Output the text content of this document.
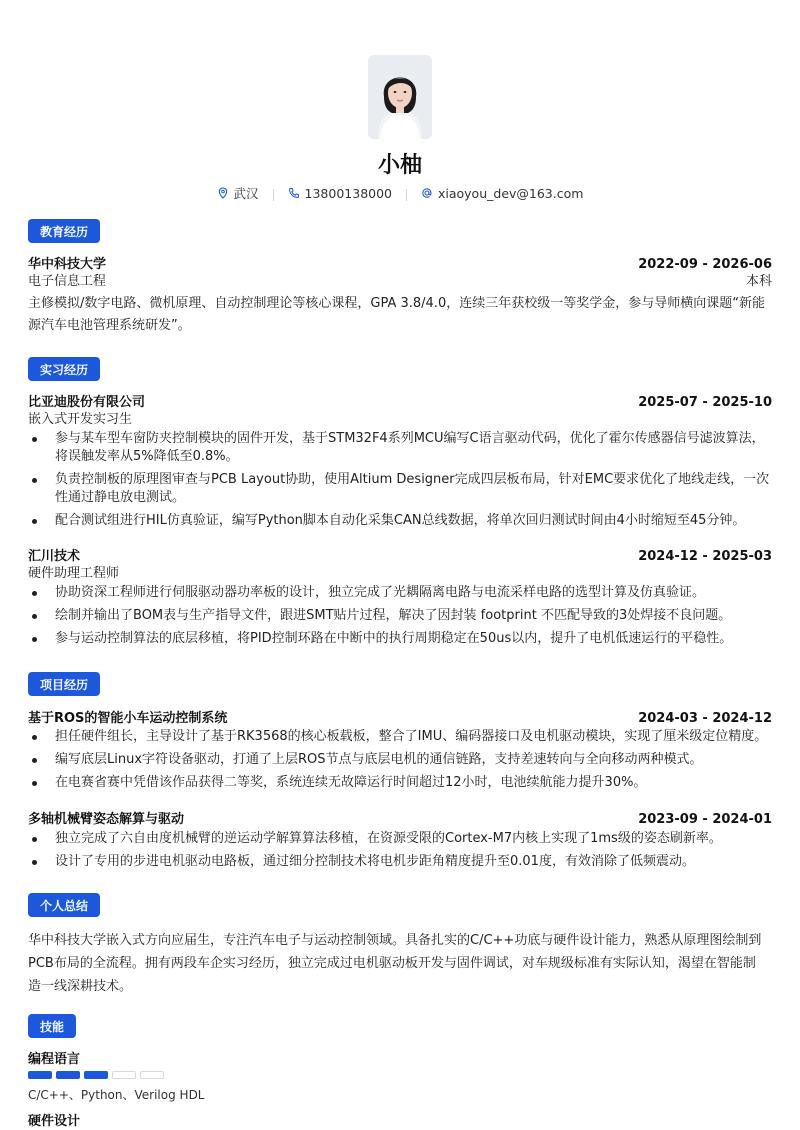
小柚
武汉
	13800138000
	xiaoyou_dev@163.com
教育经历
华中科技大学	2022-09 - 2026-06
电子信息工程	本科
主修模拟/数字电路、微机原理、自动控制理论等核心课程，GPA 3.8/4.0，连续三年获校级一等奖学金，参与导师横向课题“新能
源汽车电池管理系统研发”。
实习经历
比亚迪股份有限公司	2025-07 - 2025-10
嵌入式开发实习生
参与某车型车窗防夹控制模块的固件开发，基于STM32F4系列MCU编写C语言驱动代码，优化了霍尔传感器信号滤波算法，
将误触发率从5%降低至0.8%。
负责控制板的原理图审查与PCB Layout协助，使用Altium Designer完成四层板布局，针对EMC要求优化了地线走线，一次
性通过静电放电测试。
配合测试组进行HIL仿真验证，编写Python脚本自动化采集CAN总线数据，将单次回归测试时间由4小时缩短至45分钟。
汇川技术	2024-12 - 2025-03
硬件助理工程师
协助资深工程师进行伺服驱动器功率板的设计，独立完成了光耦隔离电路与电流采样电路的选型计算及仿真验证。
绘制并输出了BOM表与生产指导文件，跟进SMT贴片过程，解决了因封装 footprint 不匹配导致的3处焊接不良问题。
参与运动控制算法的底层移植，将PID控制环路在中断中的执行周期稳定在50us以内，提升了电机低速运行的平稳性。
项目经历
基于ROS的智能小车运动控制系统	2024-03 - 2024-12
担任硬件组长，主导设计了基于RK3568的核心板载板，整合了IMU、编码器接口及电机驱动模块，实现了厘米级定位精度。
编写底层Linux字符设备驱动，打通了上层ROS节点与底层电机的通信链路，支持差速转向与全向移动两种模式。
在电赛省赛中凭借该作品获得二等奖，系统连续无故障运行时间超过12小时，电池续航能力提升30%。
多轴机械臂姿态解算与驱动	2023-09 - 2024-01
独立完成了六自由度机械臂的逆运动学解算算法移植，在资源受限的Cortex-M7内核上实现了1ms级的姿态刷新率。
设计了专用的步进电机驱动电路板，通过细分控制技术将电机步距角精度提升至0.01度，有效消除了低频震动。
个人总结
华中科技大学嵌入式方向应届生，专注汽车电子与运动控制领域。具备扎实的C/C++功底与硬件设计能力，熟悉从原理图绘制到
PCB布局的全流程。拥有两段车企实习经历，独立完成过电机驱动板开发与固件调试，对车规级标准有实际认知，渴望在智能制
造一线深耕技术。
技能
编程语言
C/C++、Python、Verilog HDL
硬件设计
